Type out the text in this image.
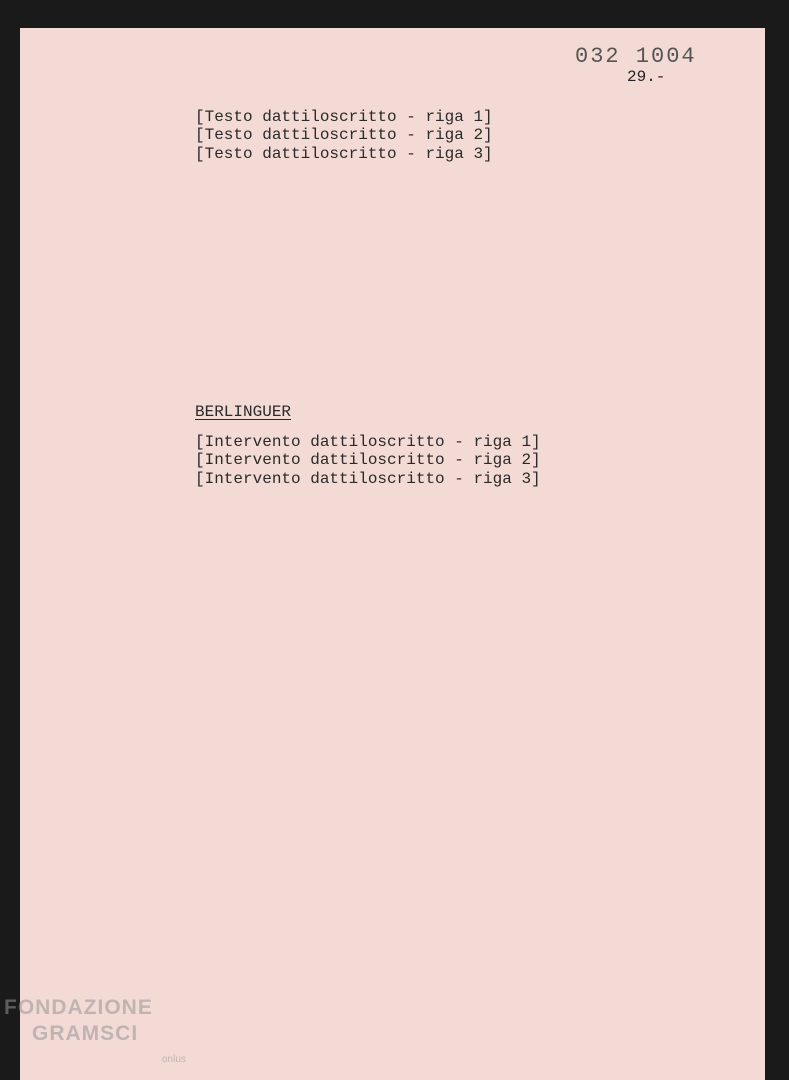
032 1004
29.-
[Testo dattiloscritto - riga 1]
[Testo dattiloscritto - riga 2]
[Testo dattiloscritto - riga 3]
BERLINGUER
[Intervento dattiloscritto - riga 1]
[Intervento dattiloscritto - riga 2]
[Intervento dattiloscritto - riga 3]
FONDAZIONE
GRAMSCI
onlus
